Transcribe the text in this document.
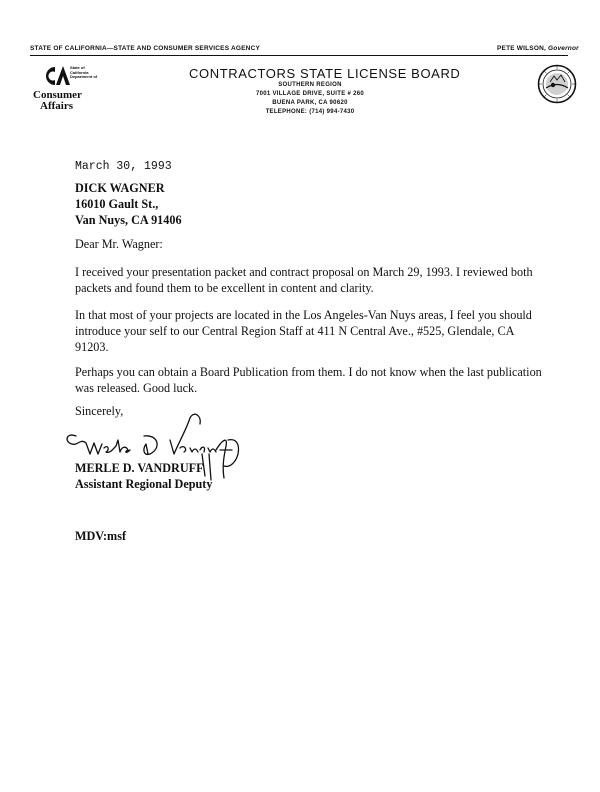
STATE OF CALIFORNIA—STATE AND CONSUMER SERVICES AGENCY	PETE WILSON, Governor
State of
California
Department of
Consumer
Affairs
CONTRACTORS STATE LICENSE BOARD
SOUTHERN REGION
7001 VILLAGE DRIVE, SUITE # 260
BUENA PARK, CA 90620
TELEPHONE: (714) 994-7430
March 30, 1993
DICK WAGNER
16010 Gault St.,
Van Nuys, CA 91406
Dear Mr. Wagner:
I received your presentation packet and contract proposal on March 29, 1993. I reviewed both
packets and found them to be excellent in content and clarity.
In that most of your projects are located in the Los Angeles-Van Nuys areas, I feel you should
introduce your self to our Central Region Staff at 411 N Central Ave., #525, Glendale, CA
91203.
Perhaps you can obtain a Board Publication from them. I do not know when the last publication
was released. Good luck.
Sincerely,
MERLE D. VANDRUFF
Assistant Regional Deputy
MDV:msf
